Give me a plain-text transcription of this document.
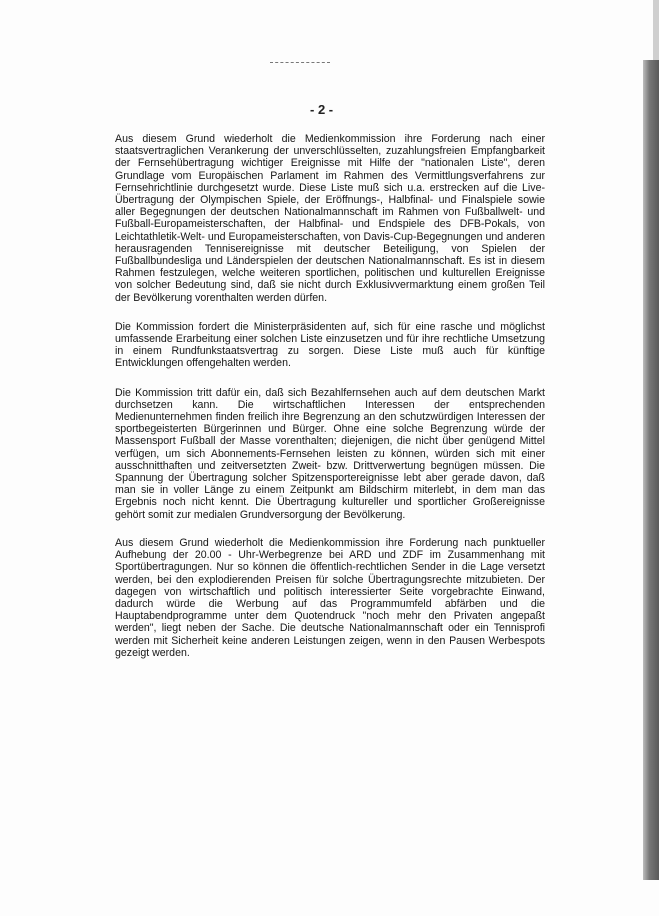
- 2 -

Aus diesem Grund wiederholt die Medienkommission ihre Forderung nach einer staatsvertraglichen Verankerung der unverschlüsselten, zuzahlungsfreien Empfangbarkeit der Fernsehübertragung wichtiger Ereignisse mit Hilfe der "nationalen Liste", deren Grundlage vom Europäischen Parlament im Rahmen des Vermittlungsverfahrens zur Fernsehrichtlinie durchgesetzt wurde. Diese Liste muß sich u.a. erstrecken auf die Live-Übertragung der Olympischen Spiele, der Eröffnungs-, Halbfinal- und Finalspiele sowie aller Begegnungen der deutschen Nationalmannschaft im Rahmen von Fußballwelt- und Fußball-Europameisterschaften, der Halbfinal- und Endspiele des DFB-Pokals, von Leichtathletik-Welt- und Europameisterschaften, von Davis-Cup-Begegnungen und anderen herausragenden Tennisereignisse mit deutscher Beteiligung, von Spielen der Fußballbundesliga und Länderspielen der deutschen Nationalmannschaft. Es ist in diesem Rahmen festzulegen, welche weiteren sportlichen, politischen und kulturellen Ereignisse von solcher Bedeutung sind, daß sie nicht durch Exklusivvermarktung einem großen Teil der Bevölkerung vorenthalten werden dürfen.

Die Kommission fordert die Ministerpräsidenten auf, sich für eine rasche und möglichst umfassende Erarbeitung einer solchen Liste einzusetzen und für ihre rechtliche Umsetzung in einem Rundfunkstaatsvertrag zu sorgen. Diese Liste muß auch für künftige Entwicklungen offengehalten werden.

Die Kommission tritt dafür ein, daß sich Bezahlfernsehen auch auf dem deutschen Markt durchsetzen kann. Die wirtschaftlichen Interessen der entsprechenden Medienunternehmen finden freilich ihre Begrenzung an den schutzwürdigen Interessen der sportbegeisterten Bürgerinnen und Bürger. Ohne eine solche Begrenzung würde der Massensport Fußball der Masse vorenthalten; diejenigen, die nicht über genügend Mittel verfügen, um sich Abonnements-Fernsehen leisten zu können, würden sich mit einer ausschnitthaften und zeitversetzten Zweit- bzw. Drittverwertung begnügen müssen. Die Spannung der Übertragung solcher Spitzensportereignisse lebt aber gerade davon, daß man sie in voller Länge zu einem Zeitpunkt am Bildschirm miterlebt, in dem man das Ergebnis noch nicht kennt. Die Übertragung kultureller und sportlicher Großereignisse gehört somit zur medialen Grundversorgung der Bevölkerung.

Aus diesem Grund wiederholt die Medienkommission ihre Forderung nach punktueller Aufhebung der 20.00 - Uhr-Werbegrenze bei ARD und ZDF im Zusammenhang mit Sportübertragungen. Nur so können die öffentlich-rechtlichen Sender in die Lage versetzt werden, bei den explodierenden Preisen für solche Übertragungsrechte mitzubieten. Der dagegen von wirtschaftlich und politisch interessierter Seite vorgebrachte Einwand, dadurch würde die Werbung auf das Programmumfeld abfärben und die Hauptabendprogramme unter dem Quotendruck "noch mehr den Privaten angepaßt werden", liegt neben der Sache. Die deutsche Nationalmannschaft oder ein Tennisprofi werden mit Sicherheit keine anderen Leistungen zeigen, wenn in den Pausen Werbespots gezeigt werden.
